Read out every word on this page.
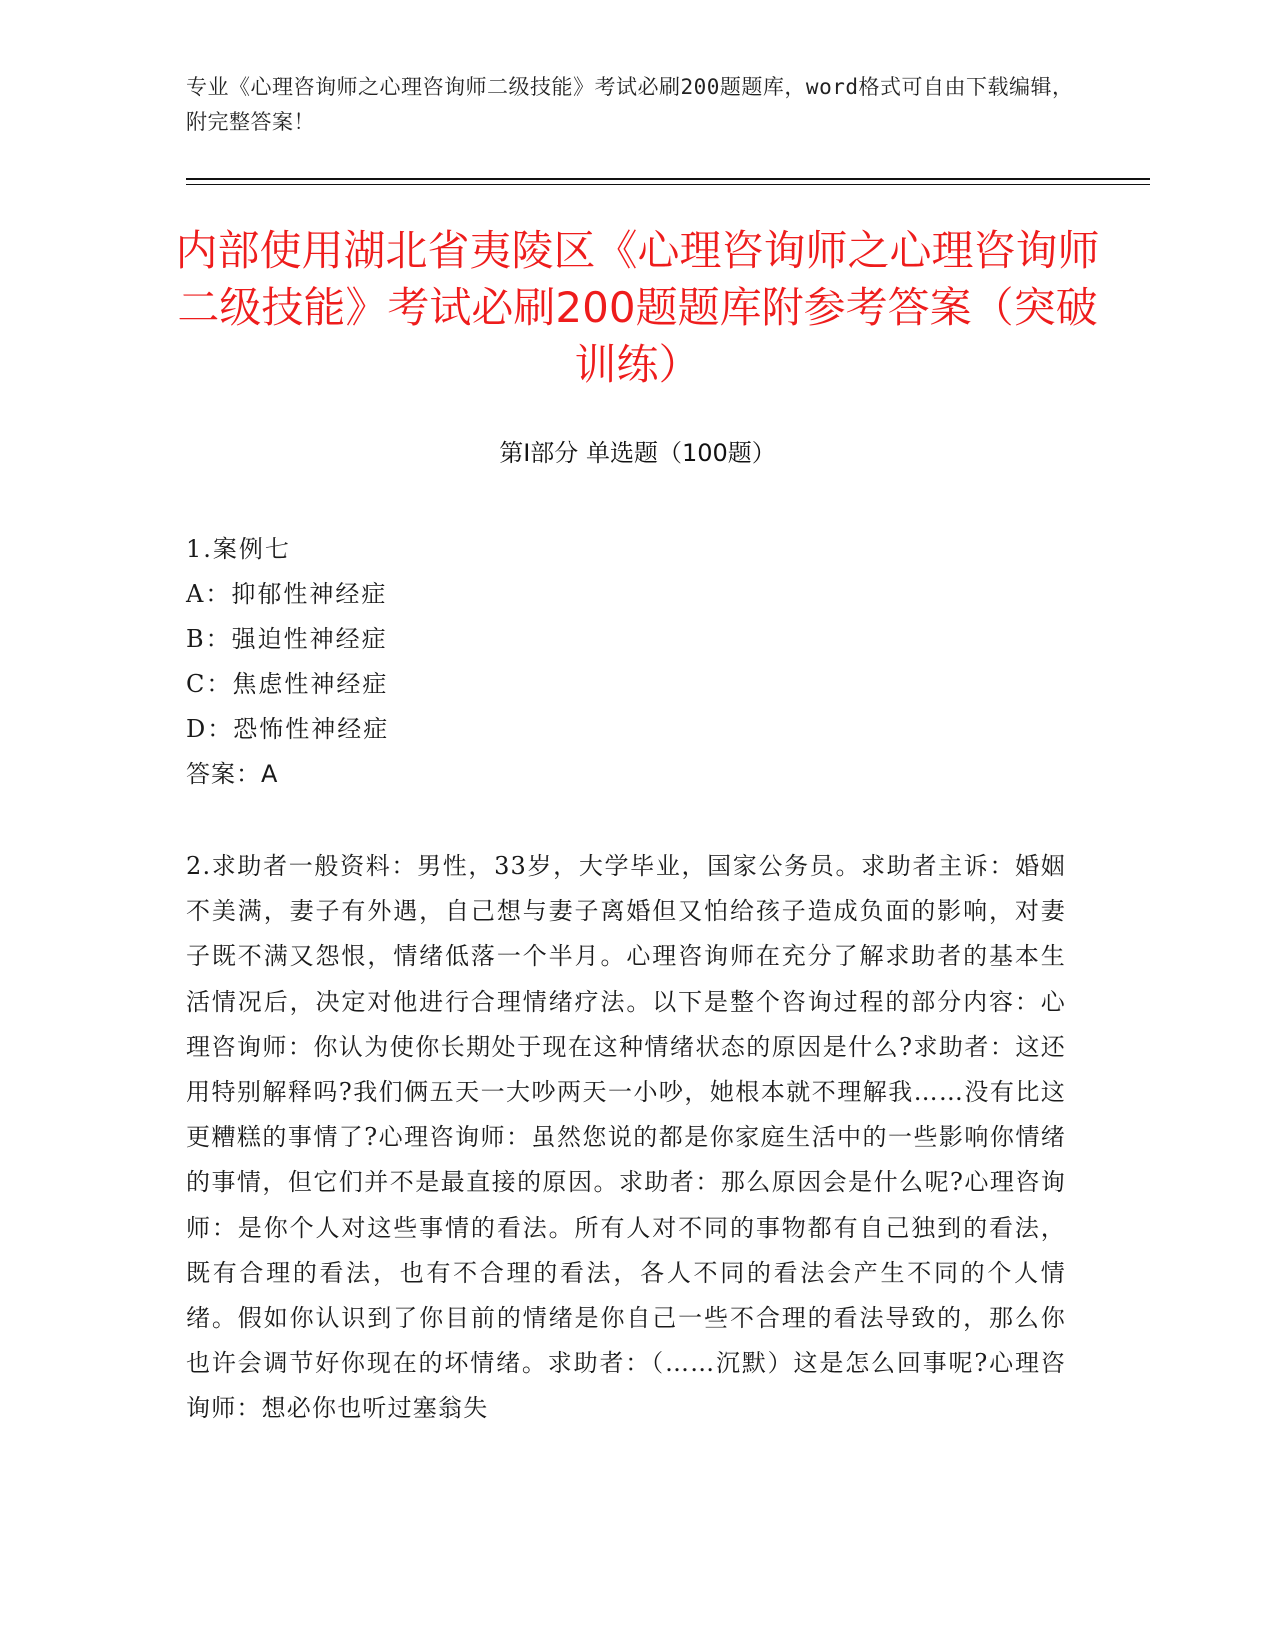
专业《心理咨询师之心理咨询师二级技能》考试必刷200题题库，word格式可自由下载编辑，附完整答案！
内部使用湖北省夷陵区《心理咨询师之心理咨询师二级技能》考试必刷200题题库附参考答案（突破训练）
第Ⅰ部分 单选题（100题）
1.案例七
A：抑郁性神经症
B：强迫性神经症
C：焦虑性神经症
D：恐怖性神经症
答案：A

2.求助者一般资料：男性，33岁，大学毕业，国家公务员。求助者主诉：婚姻不美满，妻子有外遇，自己想与妻子离婚但又怕给孩子造成负面的影响，对妻子既不满又怨恨，情绪低落一个半月。心理咨询师在充分了解求助者的基本生活情况后，决定对他进行合理情绪疗法。以下是整个咨询过程的部分内容：心理咨询师：你认为使你长期处于现在这种情绪状态的原因是什么?求助者：这还用特别解释吗?我们俩五天一大吵两天一小吵，她根本就不理解我……没有比这更糟糕的事情了?心理咨询师：虽然您说的都是你家庭生活中的一些影响你情绪的事情，但它们并不是最直接的原因。求助者：那么原因会是什么呢?心理咨询师：是你个人对这些事情的看法。所有人对不同的事物都有自己独到的看法，既有合理的看法，也有不合理的看法，各人不同的看法会产生不同的个人情绪。假如你认识到了你目前的情绪是你自己一些不合理的看法导致的，那么你也许会调节好你现在的坏情绪。求助者：（……沉默）这是怎么回事呢?心理咨询师：想必你也听过塞翁失
